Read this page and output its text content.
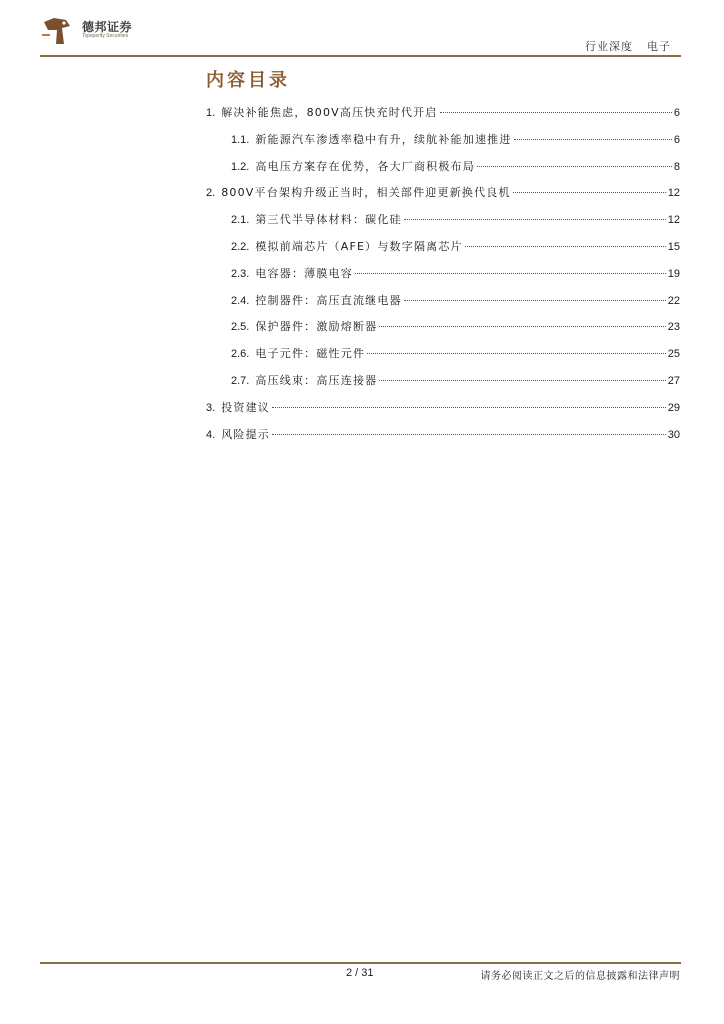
德邦证券
Topsperity Securities
行业深度 电子
内容目录
1. 解决补能焦虑，800V高压快充时代开启	6
1.1. 新能源汽车渗透率稳中有升，续航补能加速推进	6
1.2. 高电压方案存在优势，各大厂商积极布局	8
2. 800V平台架构升级正当时，相关部件迎更新换代良机	12
2.1. 第三代半导体材料：碳化硅	12
2.2. 模拟前端芯片（AFE）与数字隔离芯片	15
2.3. 电容器：薄膜电容	19
2.4. 控制器件：高压直流继电器	22
2.5. 保护器件：激励熔断器	23
2.6. 电子元件：磁性元件	25
2.7. 高压线束：高压连接器	27
3. 投资建议	29
4. 风险提示	30
2 / 31	请务必阅读正文之后的信息披露和法律声明
